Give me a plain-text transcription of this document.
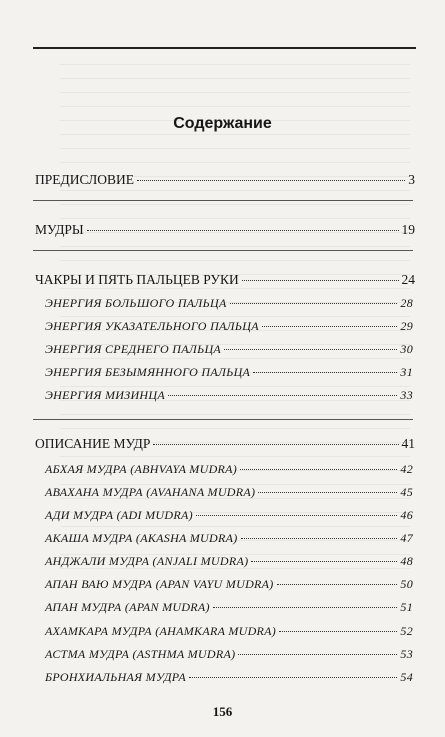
Содержание
ПРЕДИСЛОВИЕ	3
МУДРЫ	19
ЧАКРЫ И ПЯТЬ ПАЛЬЦЕВ РУКИ	24
ЭНЕРГИЯ БОЛЬШОГО ПАЛЬЦА	28
ЭНЕРГИЯ УКАЗАТЕЛЬНОГО ПАЛЬЦА	29
ЭНЕРГИЯ СРЕДНЕГО ПАЛЬЦА	30
ЭНЕРГИЯ БЕЗЫМЯННОГО ПАЛЬЦА	31
ЭНЕРГИЯ МИЗИНЦА	33
ОПИСАНИЕ МУДР	41
АБХАЯ МУДРА (ABHVAYA MUDRA)	42
АВАХАНА МУДРА (AVAHANA MUDRA)	45
АДИ МУДРА (ADI MUDRA)	46
АКАША МУДРА (AKASHA MUDRA)	47
АНДЖАЛИ МУДРА (ANJALI MUDRA)	48
АПАН ВАЮ МУДРА (APAN VAYU MUDRA)	50
АПАН МУДРА (APAN MUDRA)	51
АХАМКАРА МУДРА (AHAMKARA MUDRA)	52
АСТМА МУДРА (ASTHMA MUDRA)	53
БРОНХИАЛЬНАЯ МУДРА	54
156
